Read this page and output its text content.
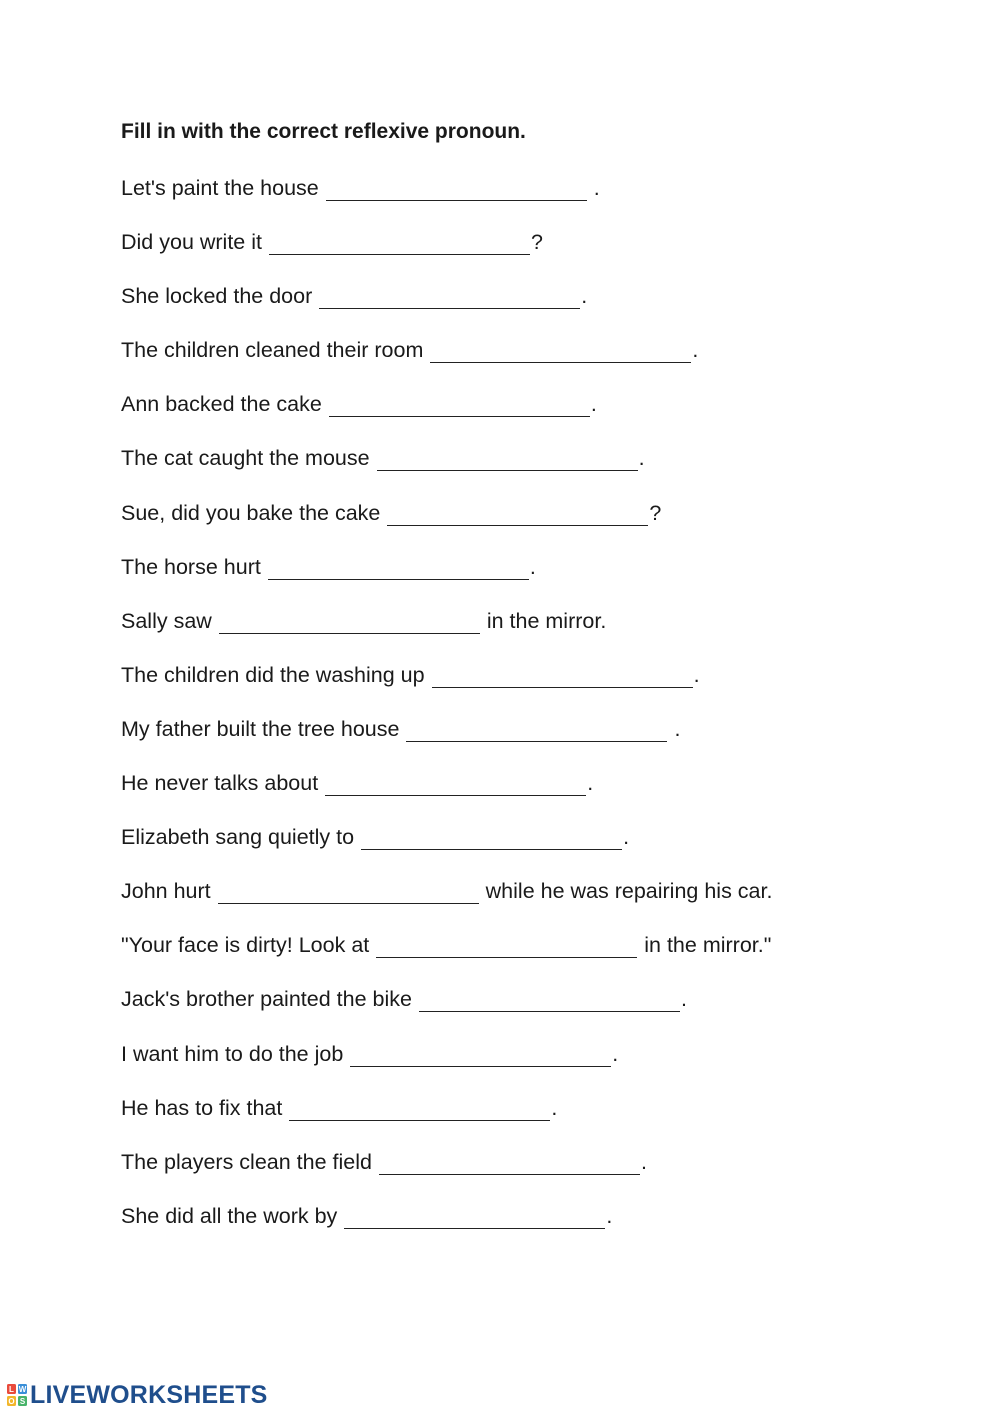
Fill in with the correct reflexive pronoun.
Let's paint the house	.
Did you write it	?
She locked the door	.
The children cleaned their room	.
Ann backed the cake	.
The cat caught the mouse	.
Sue, did you bake the cake	?
The horse hurt	.
Sally saw	in the mirror.
The children did the washing up	.
My father built the tree house	.
He never talks about	.
Elizabeth sang quietly to	.
John hurt	while he was repairing his car.
"Your face is dirty! Look at	in the mirror."
Jack's brother painted the bike	.
I want him to do the job	.
He has to fix that	.
The players clean the field	.
She did all the work by	.
L W
O S LIVEWORKSHEETS
